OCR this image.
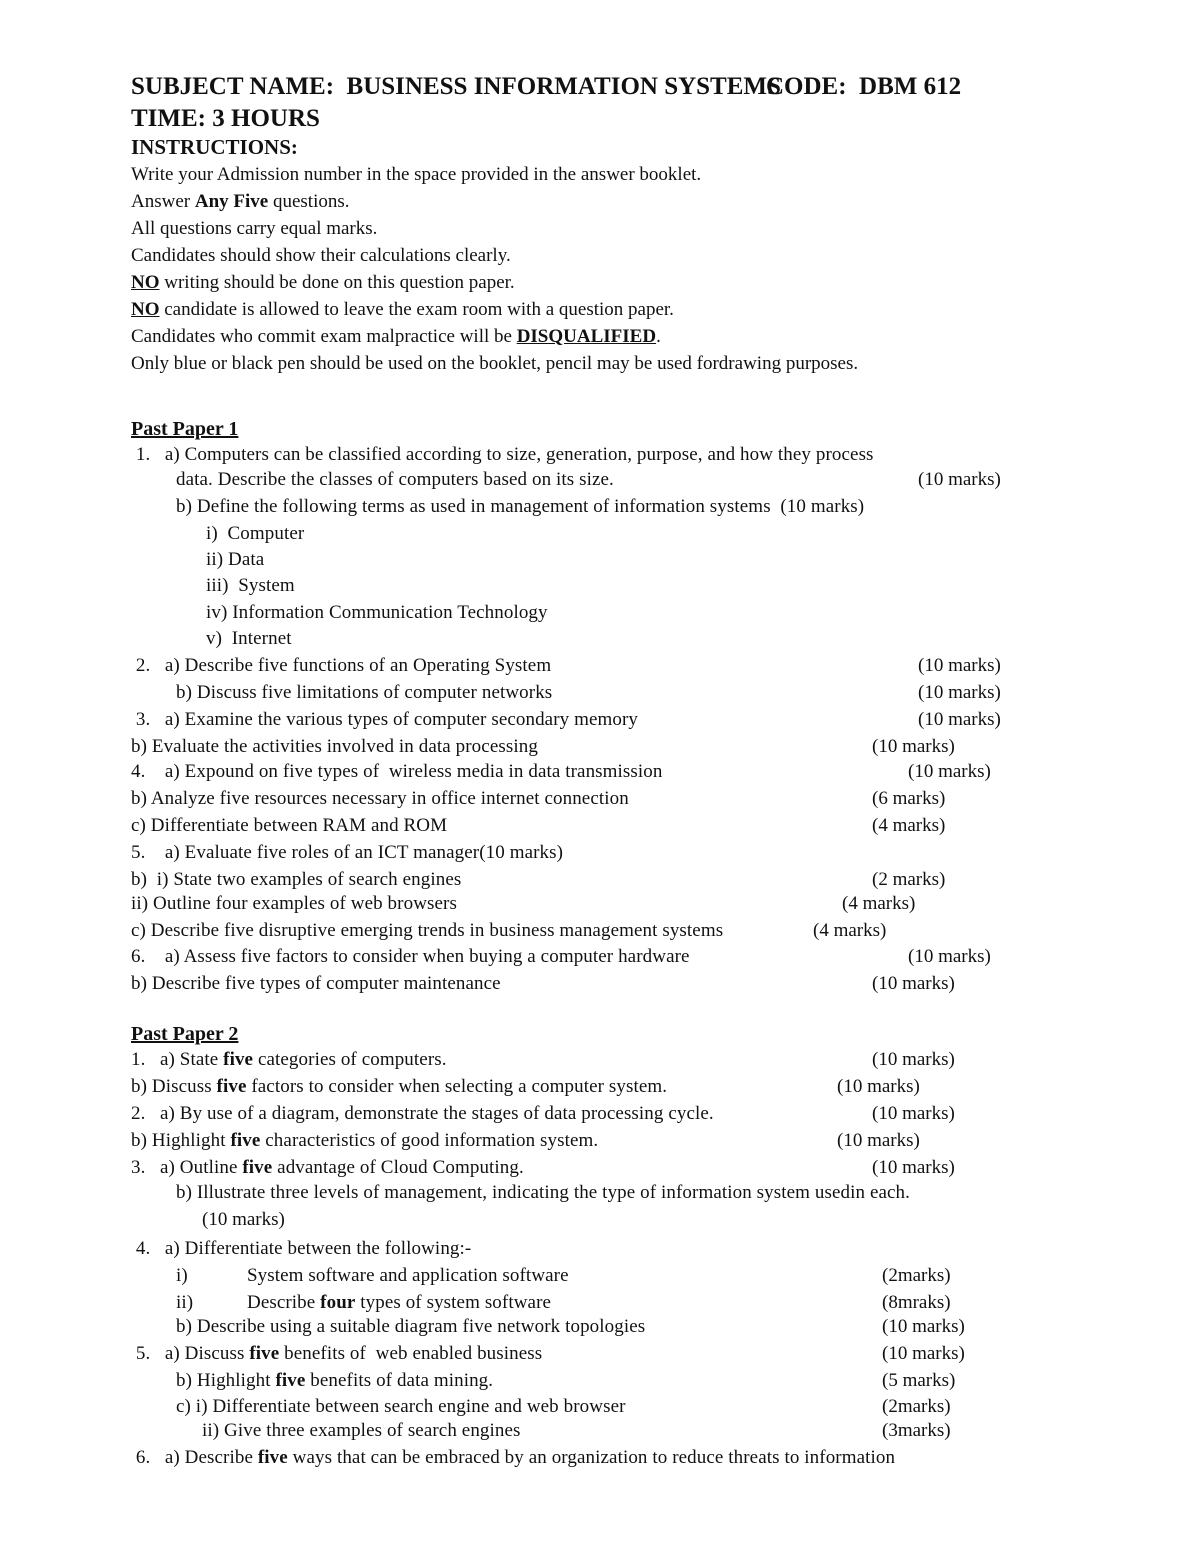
SUBJECT NAME:  BUSINESS INFORMATION SYSTEMS
CODE:  DBM 612
TIME: 3 HOURS
INSTRUCTIONS:
Write your Admission number in the space provided in the answer booklet.
Answer Any Five questions.
All questions carry equal marks.
Candidates should show their calculations clearly.
NO writing should be done on this question paper.
NO candidate is allowed to leave the exam room with a question paper.
Candidates who commit exam malpractice will be DISQUALIFIED.
Only blue or black pen should be used on the booklet, pencil may be used fordrawing purposes.
Past Paper 1
1.   a) Computers can be classified according to size, generation, purpose, and how they process
data. Describe the classes of computers based on its size.	(10 marks)
b) Define the following terms as used in management of information systems  (10 marks)
i)  Computer
ii) Data
iii)  System
iv) Information Communication Technology
v)  Internet
2.   a) Describe five functions of an Operating System	(10 marks)
b) Discuss five limitations of computer networks	(10 marks)
3.   a) Examine the various types of computer secondary memory	(10 marks)
b) Evaluate the activities involved in data processing	(10 marks)
4.    a) Expound on five types of  wireless media in data transmission	(10 marks)
b) Analyze five resources necessary in office internet connection	(6 marks)
c) Differentiate between RAM and ROM	(4 marks)
5.    a) Evaluate five roles of an ICT manager(10 marks)
b)  i) State two examples of search engines	(2 marks)
ii) Outline four examples of web browsers	(4 marks)
c) Describe five disruptive emerging trends in business management systems	(4 marks)
6.    a) Assess five factors to consider when buying a computer hardware	(10 marks)
b) Describe five types of computer maintenance	(10 marks)
Past Paper 2
1.   a) State five categories of computers.	(10 marks)
b) Discuss five factors to consider when selecting a computer system.	(10 marks)
2.   a) By use of a diagram, demonstrate the stages of data processing cycle.	(10 marks)
b) Highlight five characteristics of good information system.	(10 marks)
3.   a) Outline five advantage of Cloud Computing.	(10 marks)
b) Illustrate three levels of management, indicating the type of information system usedin each.
(10 marks)
4.   a) Differentiate between the following:-
i)	System software and application software	(2marks)
ii)	Describe four types of system software	(8mraks)
b) Describe using a suitable diagram five network topologies	(10 marks)
5.   a) Discuss five benefits of  web enabled business	(10 marks)
b) Highlight five benefits of data mining.	(5 marks)
c) i) Differentiate between search engine and web browser	(2marks)
ii) Give three examples of search engines	(3marks)
6.   a) Describe five ways that can be embraced by an organization to reduce threats to information
